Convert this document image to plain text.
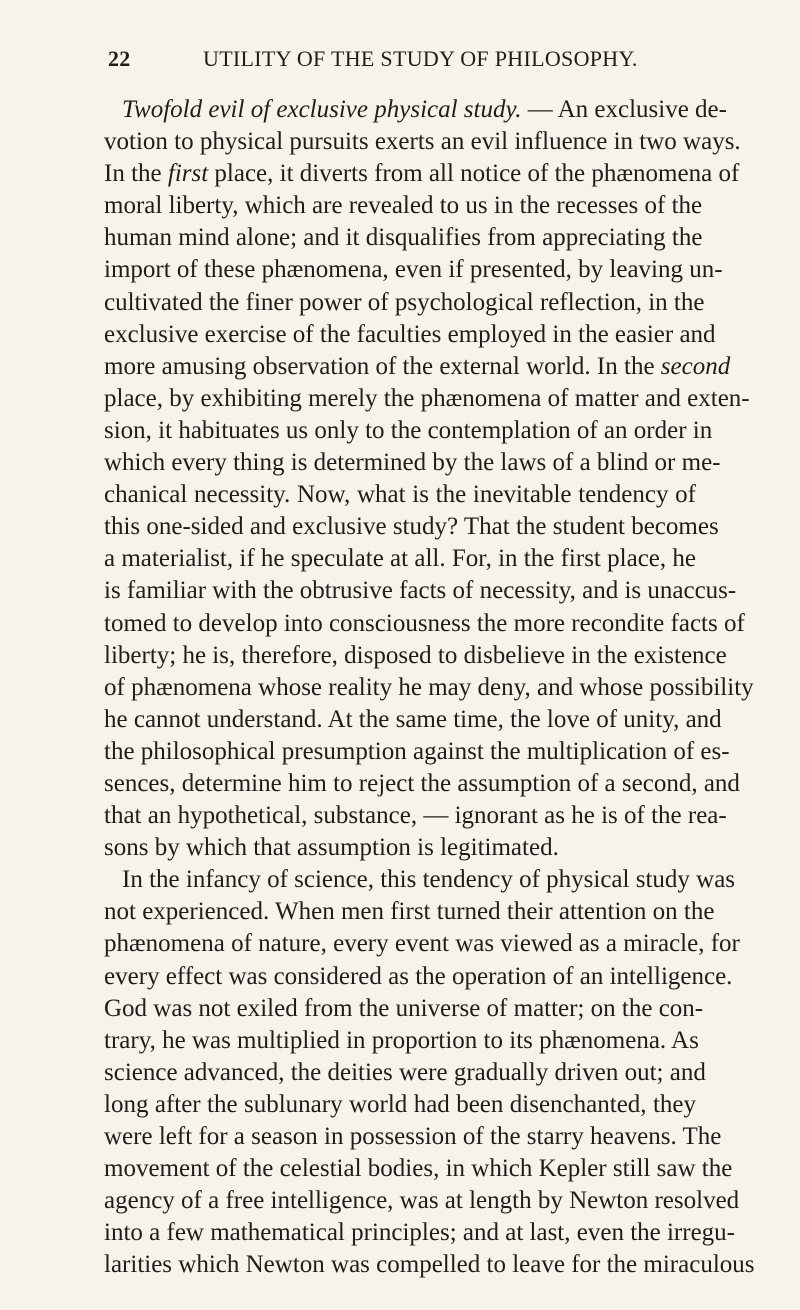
22	UTILITY OF THE STUDY OF PHILOSOPHY.
Twofold evil of exclusive physical study. — An exclusive de-
votion to physical pursuits exerts an evil influence in two ways.
In the first place, it diverts from all notice of the phænomena of
moral liberty, which are revealed to us in the recesses of the
human mind alone; and it disqualifies from appreciating the
import of these phænomena, even if presented, by leaving un-
cultivated the finer power of psychological reflection, in the
exclusive exercise of the faculties employed in the easier and
more amusing observation of the external world. In the second
place, by exhibiting merely the phænomena of matter and exten-
sion, it habituates us only to the contemplation of an order in
which every thing is determined by the laws of a blind or me-
chanical necessity. Now, what is the inevitable tendency of
this one-sided and exclusive study? That the student becomes
a materialist, if he speculate at all. For, in the first place, he
is familiar with the obtrusive facts of necessity, and is unaccus-
tomed to develop into consciousness the more recondite facts of
liberty; he is, therefore, disposed to disbelieve in the existence
of phænomena whose reality he may deny, and whose possibility
he cannot understand. At the same time, the love of unity, and
the philosophical presumption against the multiplication of es-
sences, determine him to reject the assumption of a second, and
that an hypothetical, substance, — ignorant as he is of the rea-
sons by which that assumption is legitimated.
In the infancy of science, this tendency of physical study was
not experienced. When men first turned their attention on the
phænomena of nature, every event was viewed as a miracle, for
every effect was considered as the operation of an intelligence.
God was not exiled from the universe of matter; on the con-
trary, he was multiplied in proportion to its phænomena. As
science advanced, the deities were gradually driven out; and
long after the sublunary world had been disenchanted, they
were left for a season in possession of the starry heavens. The
movement of the celestial bodies, in which Kepler still saw the
agency of a free intelligence, was at length by Newton resolved
into a few mathematical principles; and at last, even the irregu-
larities which Newton was compelled to leave for the miraculous
